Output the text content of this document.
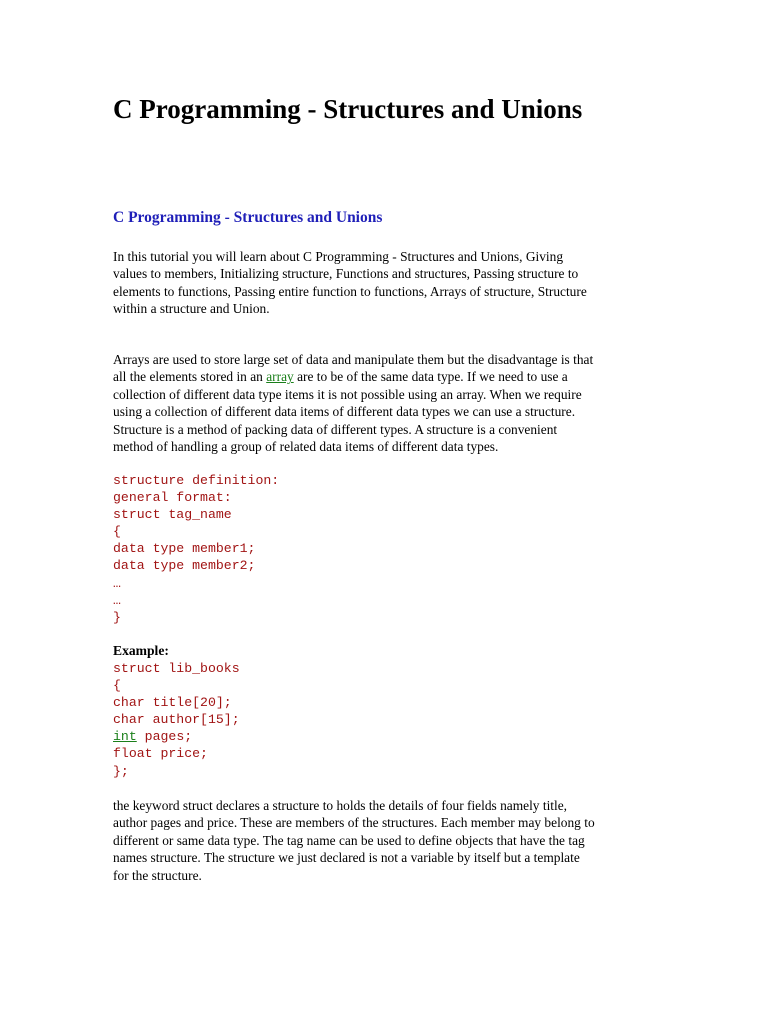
C Programming - Structures and Unions
C Programming - Structures and Unions

In this tutorial you will learn about C Programming - Structures and Unions, Giving
values to members, Initializing structure, Functions and structures, Passing structure to
elements to functions, Passing entire function to functions, Arrays of structure, Structure
within a structure and Union.

Arrays are used to store large set of data and manipulate them but the disadvantage is that
all the elements stored in an array are to be of the same data type. If we need to use a
collection of different data type items it is not possible using an array. When we require
using a collection of different data items of different data types we can use a structure.
Structure is a method of packing data of different types. A structure is a convenient
method of handling a group of related data items of different data types.

structure definition:
general format:
struct tag_name
{
data type member1;
data type member2;
…
…
}

Example:

struct lib_books
{
char title[20];
char author[15];
int pages;
float price;
};

the keyword struct declares a structure to holds the details of four fields namely title,
author pages and price. These are members of the structures. Each member may belong to
different or same data type. The tag name can be used to define objects that have the tag
names structure. The structure we just declared is not a variable by itself but a template
for the structure.
